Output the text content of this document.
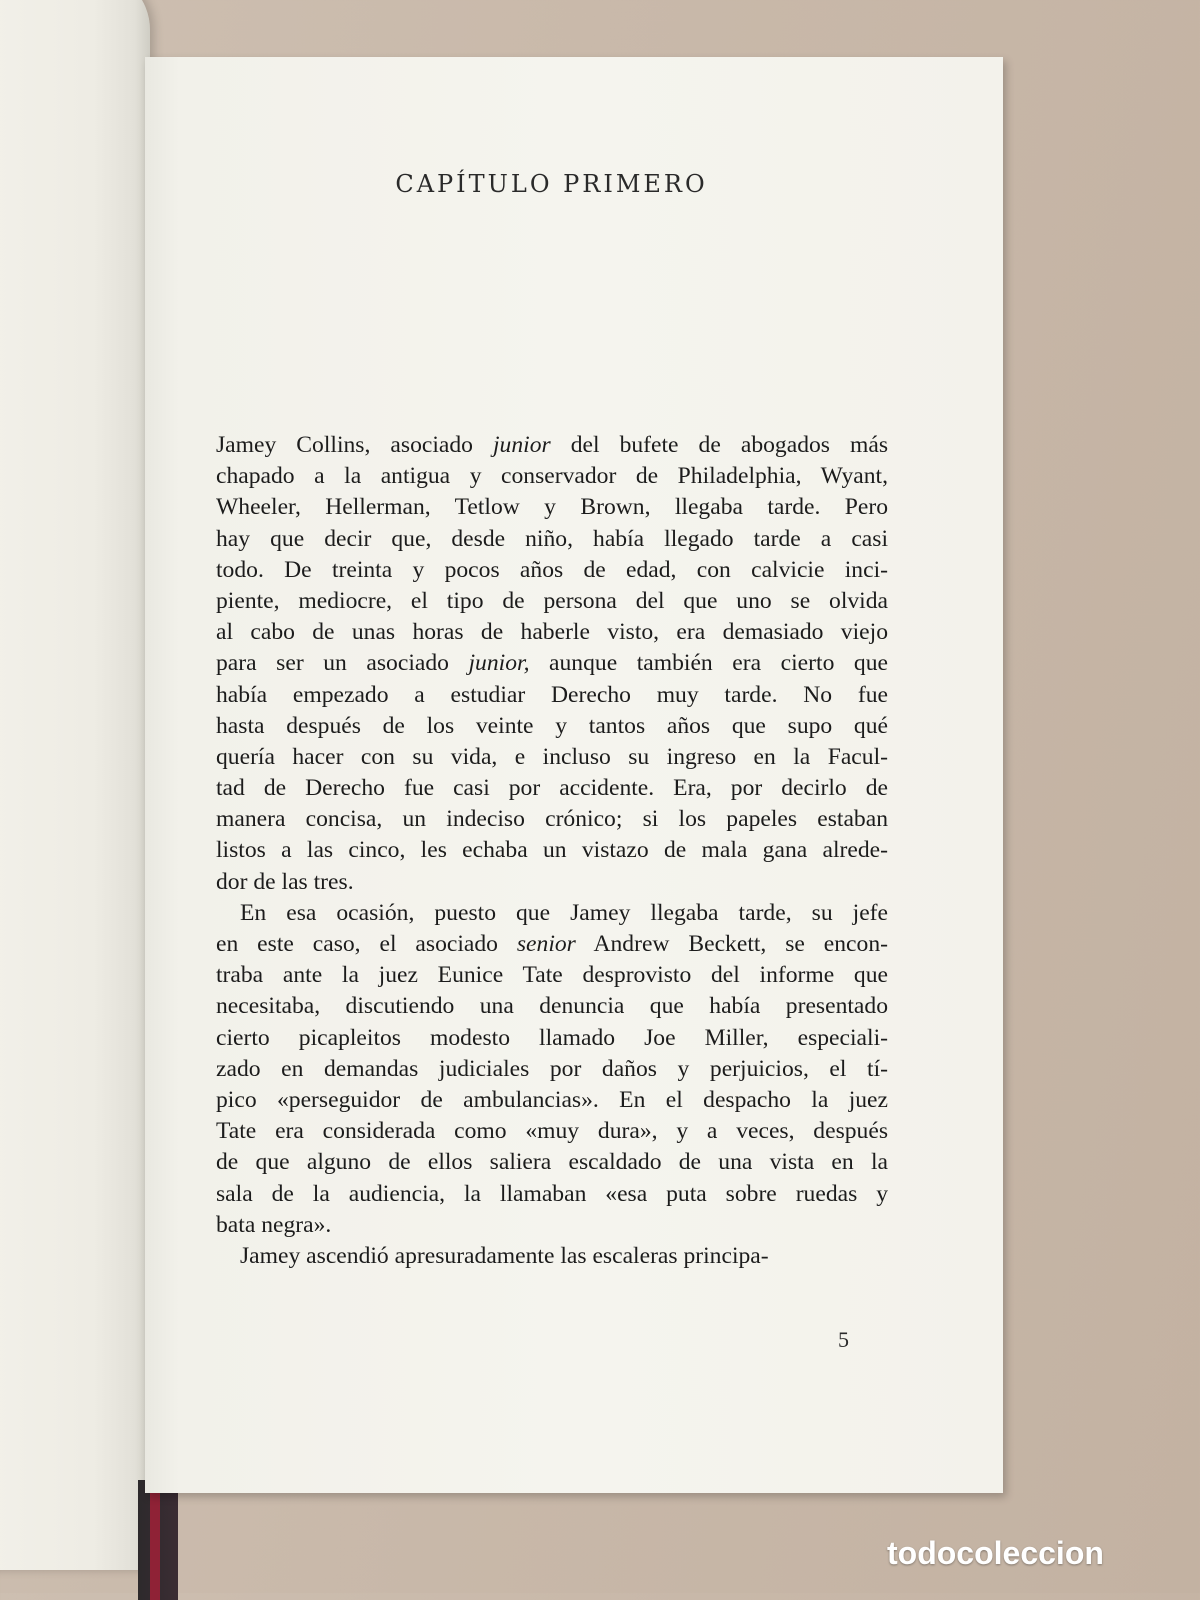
CAPÍTULO PRIMERO
Jamey Collins, asociado junior del bufete de abogados más
chapado a la antigua y conservador de Philadelphia, Wyant,
Wheeler, Hellerman, Tetlow y Brown, llegaba tarde. Pero
hay que decir que, desde niño, había llegado tarde a casi
todo. De treinta y pocos años de edad, con calvicie inci-
piente, mediocre, el tipo de persona del que uno se olvida
al cabo de unas horas de haberle visto, era demasiado viejo
para ser un asociado junior, aunque también era cierto que
había empezado a estudiar Derecho muy tarde. No fue
hasta después de los veinte y tantos años que supo qué
quería hacer con su vida, e incluso su ingreso en la Facul-
tad de Derecho fue casi por accidente. Era, por decirlo de
manera concisa, un indeciso crónico; si los papeles estaban
listos a las cinco, les echaba un vistazo de mala gana alrede-
dor de las tres.
En esa ocasión, puesto que Jamey llegaba tarde, su jefe
en este caso, el asociado senior Andrew Beckett, se encon-
traba ante la juez Eunice Tate desprovisto del informe que
necesitaba, discutiendo una denuncia que había presentado
cierto picapleitos modesto llamado Joe Miller, especiali-
zado en demandas judiciales por daños y perjuicios, el tí-
pico «perseguidor de ambulancias». En el despacho la juez
Tate era considerada como «muy dura», y a veces, después
de que alguno de ellos saliera escaldado de una vista en la
sala de la audiencia, la llamaban «esa puta sobre ruedas y
bata negra».
Jamey ascendió apresuradamente las escaleras principa-
5
todocoleccion
